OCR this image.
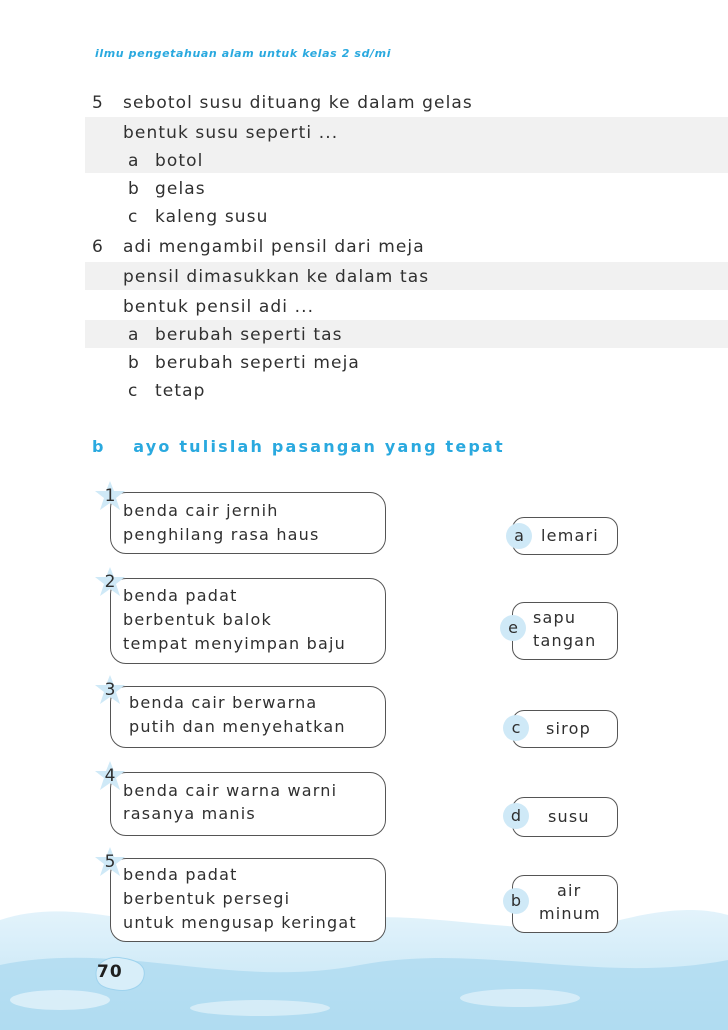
ilmu pengetahuan alam untuk kelas 2 sd/mi
5 sebotol susu dituang ke dalam gelas
bentuk susu seperti ...
a botol
b gelas
c kaleng susu
6 adi mengambil pensil dari meja
pensil dimasukkan ke dalam tas
bentuk pensil adi ...
a berubah seperti tas
b berubah seperti meja
c tetap
b ayo tulislah pasangan yang tepat
benda cair jernih
penghilang rasa haus
1
benda padat
berbentuk balok
tempat menyimpan baju
2
benda cair berwarna
putih dan menyehatkan
3
benda cair warna warni
rasanya manis
4
benda padat
berbentuk persegi
untuk mengusap keringat
5
lemari
a
sapu
tangan
e
sirop
c
susu
d
air
minum
b
70
